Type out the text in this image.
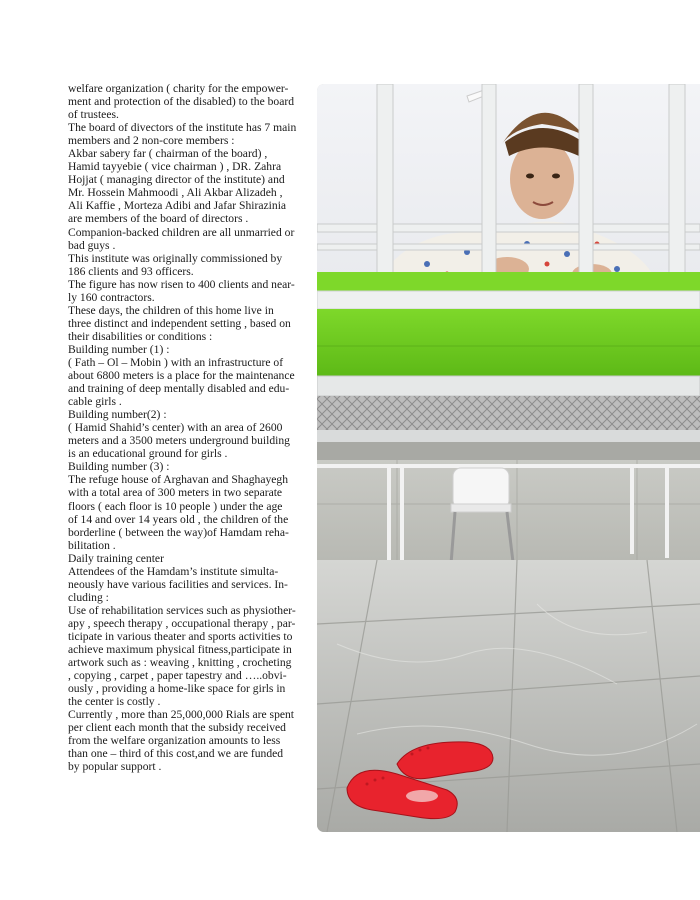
welfare organization ( charity for the empower-

ment and protection of the disabled) to the board

of trustees.

The board of divectors of the institute has 7 main

members and 2 non-core members :

Akbar sabery far ( chairman of the board) ,

Hamid tayyebie ( vice chairman ) , DR. Zahra

Hojjat ( managing director of the institute) and

Mr. Hossein Mahmoodi , Ali Akbar Alizadeh ,

Ali Kaffie , Morteza Adibi and Jafar Shirazinia

are members of the board of directors .

Companion-backed children are all unmarried or

bad guys .

This institute was originally commissioned by

186 clients and 93 officers.

The figure has now risen to 400 clients and near-

ly 160 contractors.

These days, the children of this home live in

three distinct and independent setting , based on

their disabilities or conditions :

Building number (1) :

( Fath – Ol – Mobin ) with an infrastructure of

about 6800 meters is a place for the maintenance

and training of deep mentally disabled and edu-

cable girls .

Building number(2) :

( Hamid Shahid’s center) with an area of 2600

meters and a 3500 meters underground building

is an educational ground for girls .

Building number (3) :

The refuge house of Arghavan and Shaghayegh

with a total area of 300 meters in two separate

floors ( each floor is 10 people ) under the age

of 14 and over 14 years old , the children of the

borderline ( between the way)of Hamdam reha-

bilitation .

Daily training center

Attendees of the Hamdam’s institute simulta-

neously have various facilities and services. In-

cluding :

Use of rehabilitation services such as physiother-

apy , speech therapy , occupational therapy , par-

ticipate in various theater and sports activities to

achieve maximum physical fitness,participate in

artwork such as : weaving , knitting , crocheting

, copying , carpet , paper tapestry and …..obvi-

ously , providing a home-like space for girls in

the center is costly .

Currently , more than 25,000,000 Rials are spent

per client each month that the subsidy received

from the welfare organization amounts to less

than one – third of this cost,and we are funded

by popular support .
